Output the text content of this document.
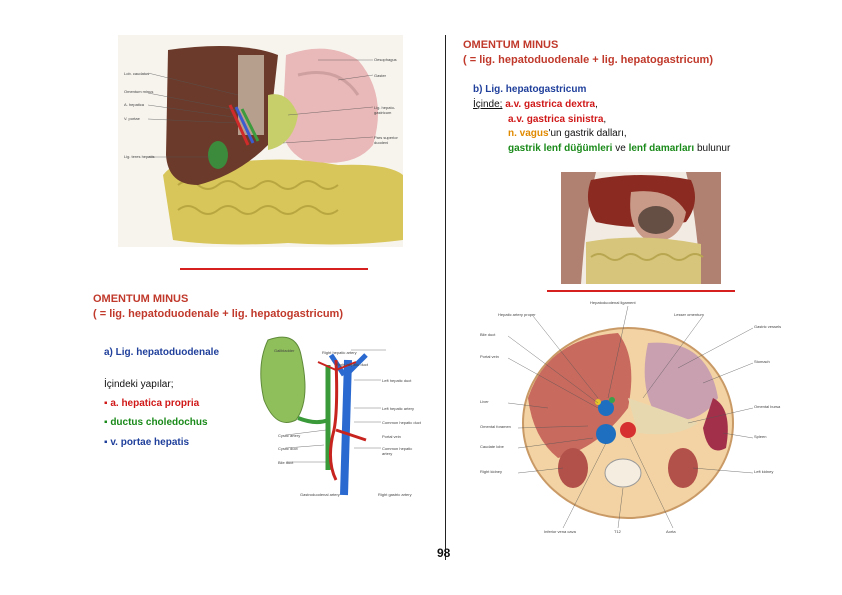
Lob. caudatus
Omentum minus
A. hepatica
V. portae
Lig. teres hepatis
Oesophagus
Gaster
Lig. hepato-gastricum
Pars superior duodeni
OMENTUM MINUS
( = lig. hepatoduodenale + lig. hepatogastricum)
b) Lig. hepatogastricum
İçinde; a.v. gastrica dextra,
a.v. gastrica sinistra,
n. vagus'un gastrik dalları,
gastrik lenf düğümleri ve lenf damarları bulunur
OMENTUM MINUS
( = lig. hepatoduodenale + lig. hepatogastricum)
a) Lig. hepatoduodenale
İçindeki yapılar;
▪ a. hepatica propria
▪ ductus choledochus
▪ v. portae hepatis
Gallbladder
Cystic artery
Cystic duct
Bile duct
Gastroduodenal artery
Right hepatic artery
Right hepatic duct
Left hepatic duct
Left hepatic artery
Common hepatic duct
Portal vein
Common hepatic artery
Right gastric artery
Hepatic artery proper
Hepatoduodenal ligament
Lesser omentum
Gastric vessels
Bile duct
Portal vein
Liver
Omental foramen
Caudate lobe
Right kidney
Stomach
Omental bursa
Spleen
Left kidney
Inferior vena cava	T12	Aorta
98
